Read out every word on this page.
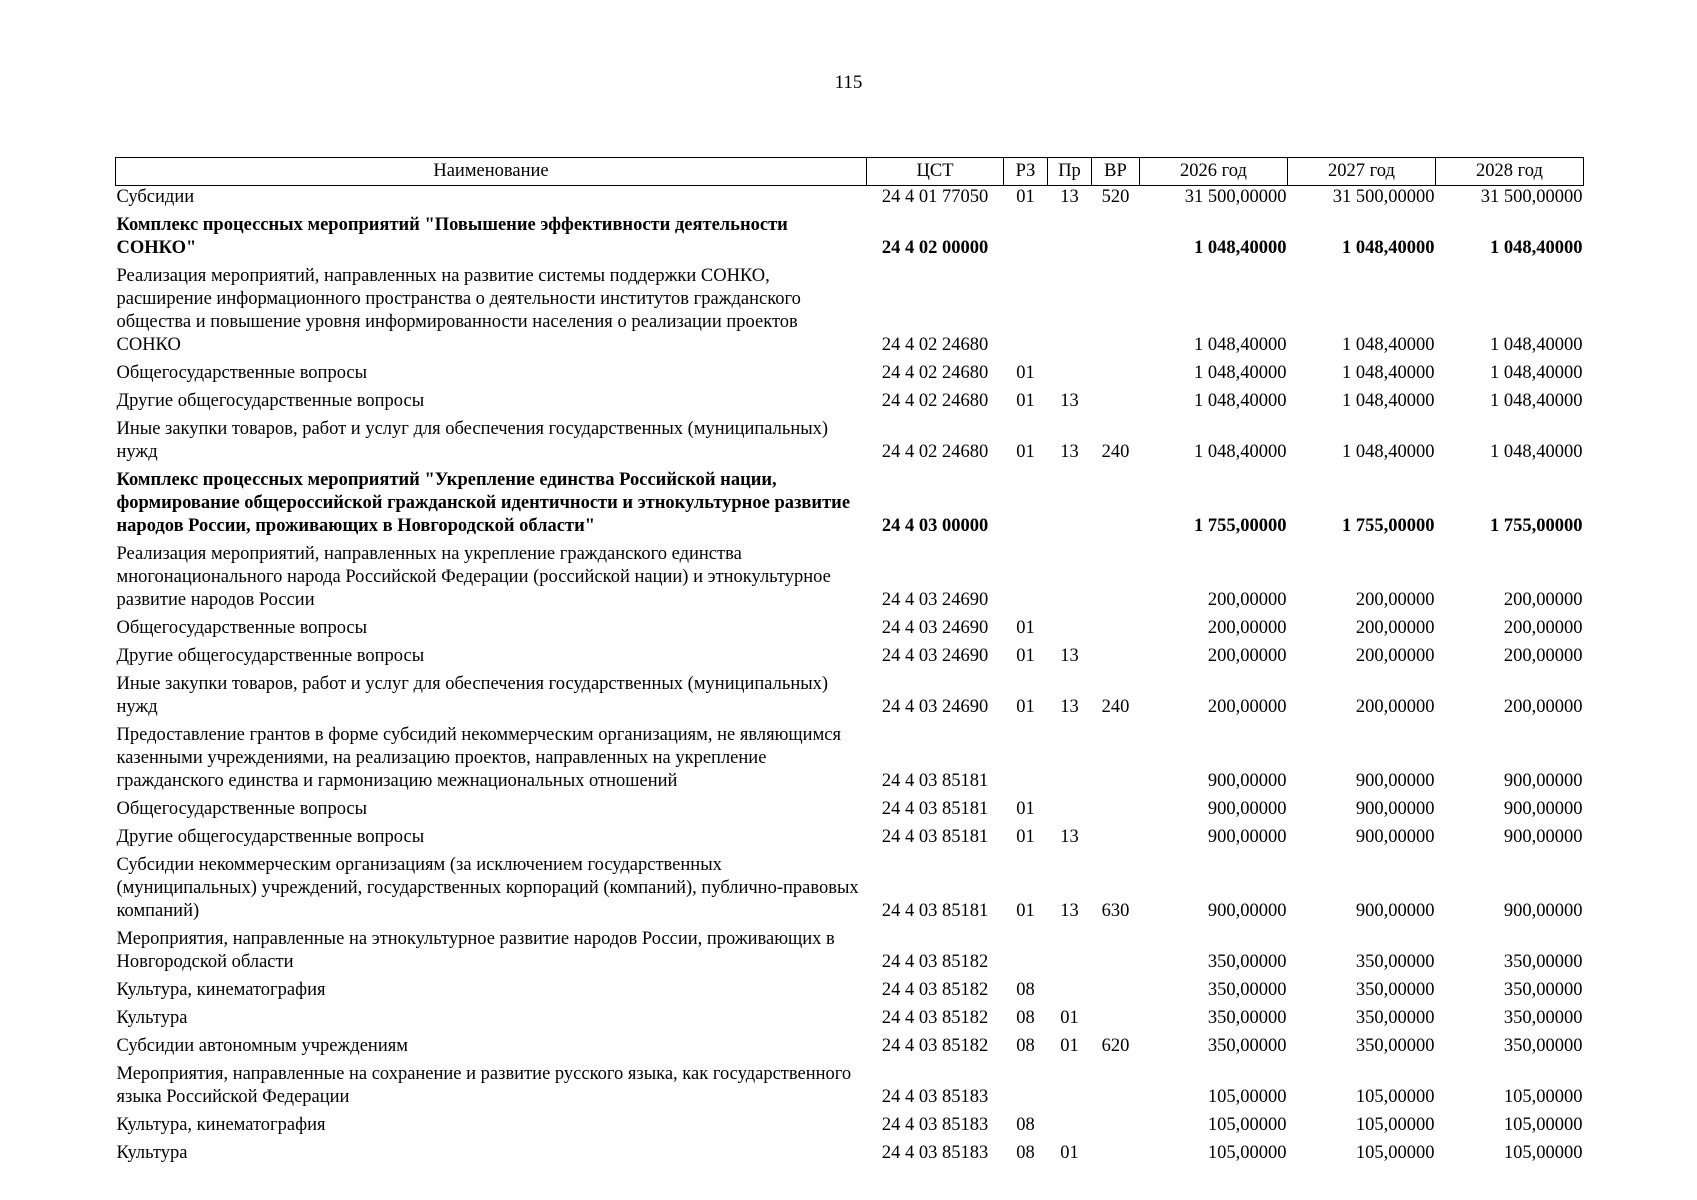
115
Наименование	ЦСТ	РЗ	Пр	ВР	2026 год	2027 год	2028 год
Субсидии	24 4 01 77050	01	13	520	31 500,00000	31 500,00000	31 500,00000
Комплекс процессных мероприятий "Повышение эффективности деятельности СОНКО"	24 4 02 00000				1 048,40000	1 048,40000	1 048,40000
Реализация мероприятий, направленных на развитие системы поддержки СОНКО, расширение информационного пространства о деятельности институтов гражданского общества и повышение уровня информированности населения о реализации проектов СОНКО	24 4 02 24680				1 048,40000	1 048,40000	1 048,40000
Общегосударственные вопросы	24 4 02 24680	01			1 048,40000	1 048,40000	1 048,40000
Другие общегосударственные вопросы	24 4 02 24680	01	13		1 048,40000	1 048,40000	1 048,40000
Иные закупки товаров, работ и услуг для обеспечения государственных (муниципальных) нужд	24 4 02 24680	01	13	240	1 048,40000	1 048,40000	1 048,40000
Комплекс процессных мероприятий "Укрепление единства Российской нации, формирование общероссийской гражданской идентичности и этнокультурное развитие народов России, проживающих в Новгородской области"	24 4 03 00000				1 755,00000	1 755,00000	1 755,00000
Реализация мероприятий, направленных на укрепление гражданского единства многонационального народа Российской Федерации (российской нации) и этнокультурное развитие народов России	24 4 03 24690				200,00000	200,00000	200,00000
Общегосударственные вопросы	24 4 03 24690	01			200,00000	200,00000	200,00000
Другие общегосударственные вопросы	24 4 03 24690	01	13		200,00000	200,00000	200,00000
Иные закупки товаров, работ и услуг для обеспечения государственных (муниципальных) нужд	24 4 03 24690	01	13	240	200,00000	200,00000	200,00000
Предоставление грантов в форме субсидий некоммерческим организациям, не являющимся казенными учреждениями, на реализацию проектов, направленных на укрепление гражданского единства и гармонизацию межнациональных отношений	24 4 03 85181				900,00000	900,00000	900,00000
Общегосударственные вопросы	24 4 03 85181	01			900,00000	900,00000	900,00000
Другие общегосударственные вопросы	24 4 03 85181	01	13		900,00000	900,00000	900,00000
Субсидии некоммерческим организациям (за исключением государственных (муниципальных) учреждений, государственных корпораций (компаний), публично-правовых компаний)	24 4 03 85181	01	13	630	900,00000	900,00000	900,00000
Мероприятия, направленные на этнокультурное развитие народов России, проживающих в Новгородской области	24 4 03 85182				350,00000	350,00000	350,00000
Культура, кинематография	24 4 03 85182	08			350,00000	350,00000	350,00000
Культура	24 4 03 85182	08	01		350,00000	350,00000	350,00000
Субсидии автономным учреждениям	24 4 03 85182	08	01	620	350,00000	350,00000	350,00000
Мероприятия, направленные на сохранение и развитие русского языка, как государственного языка Российской Федерации	24 4 03 85183				105,00000	105,00000	105,00000
Культура, кинематография	24 4 03 85183	08			105,00000	105,00000	105,00000
Культура	24 4 03 85183	08	01		105,00000	105,00000	105,00000
